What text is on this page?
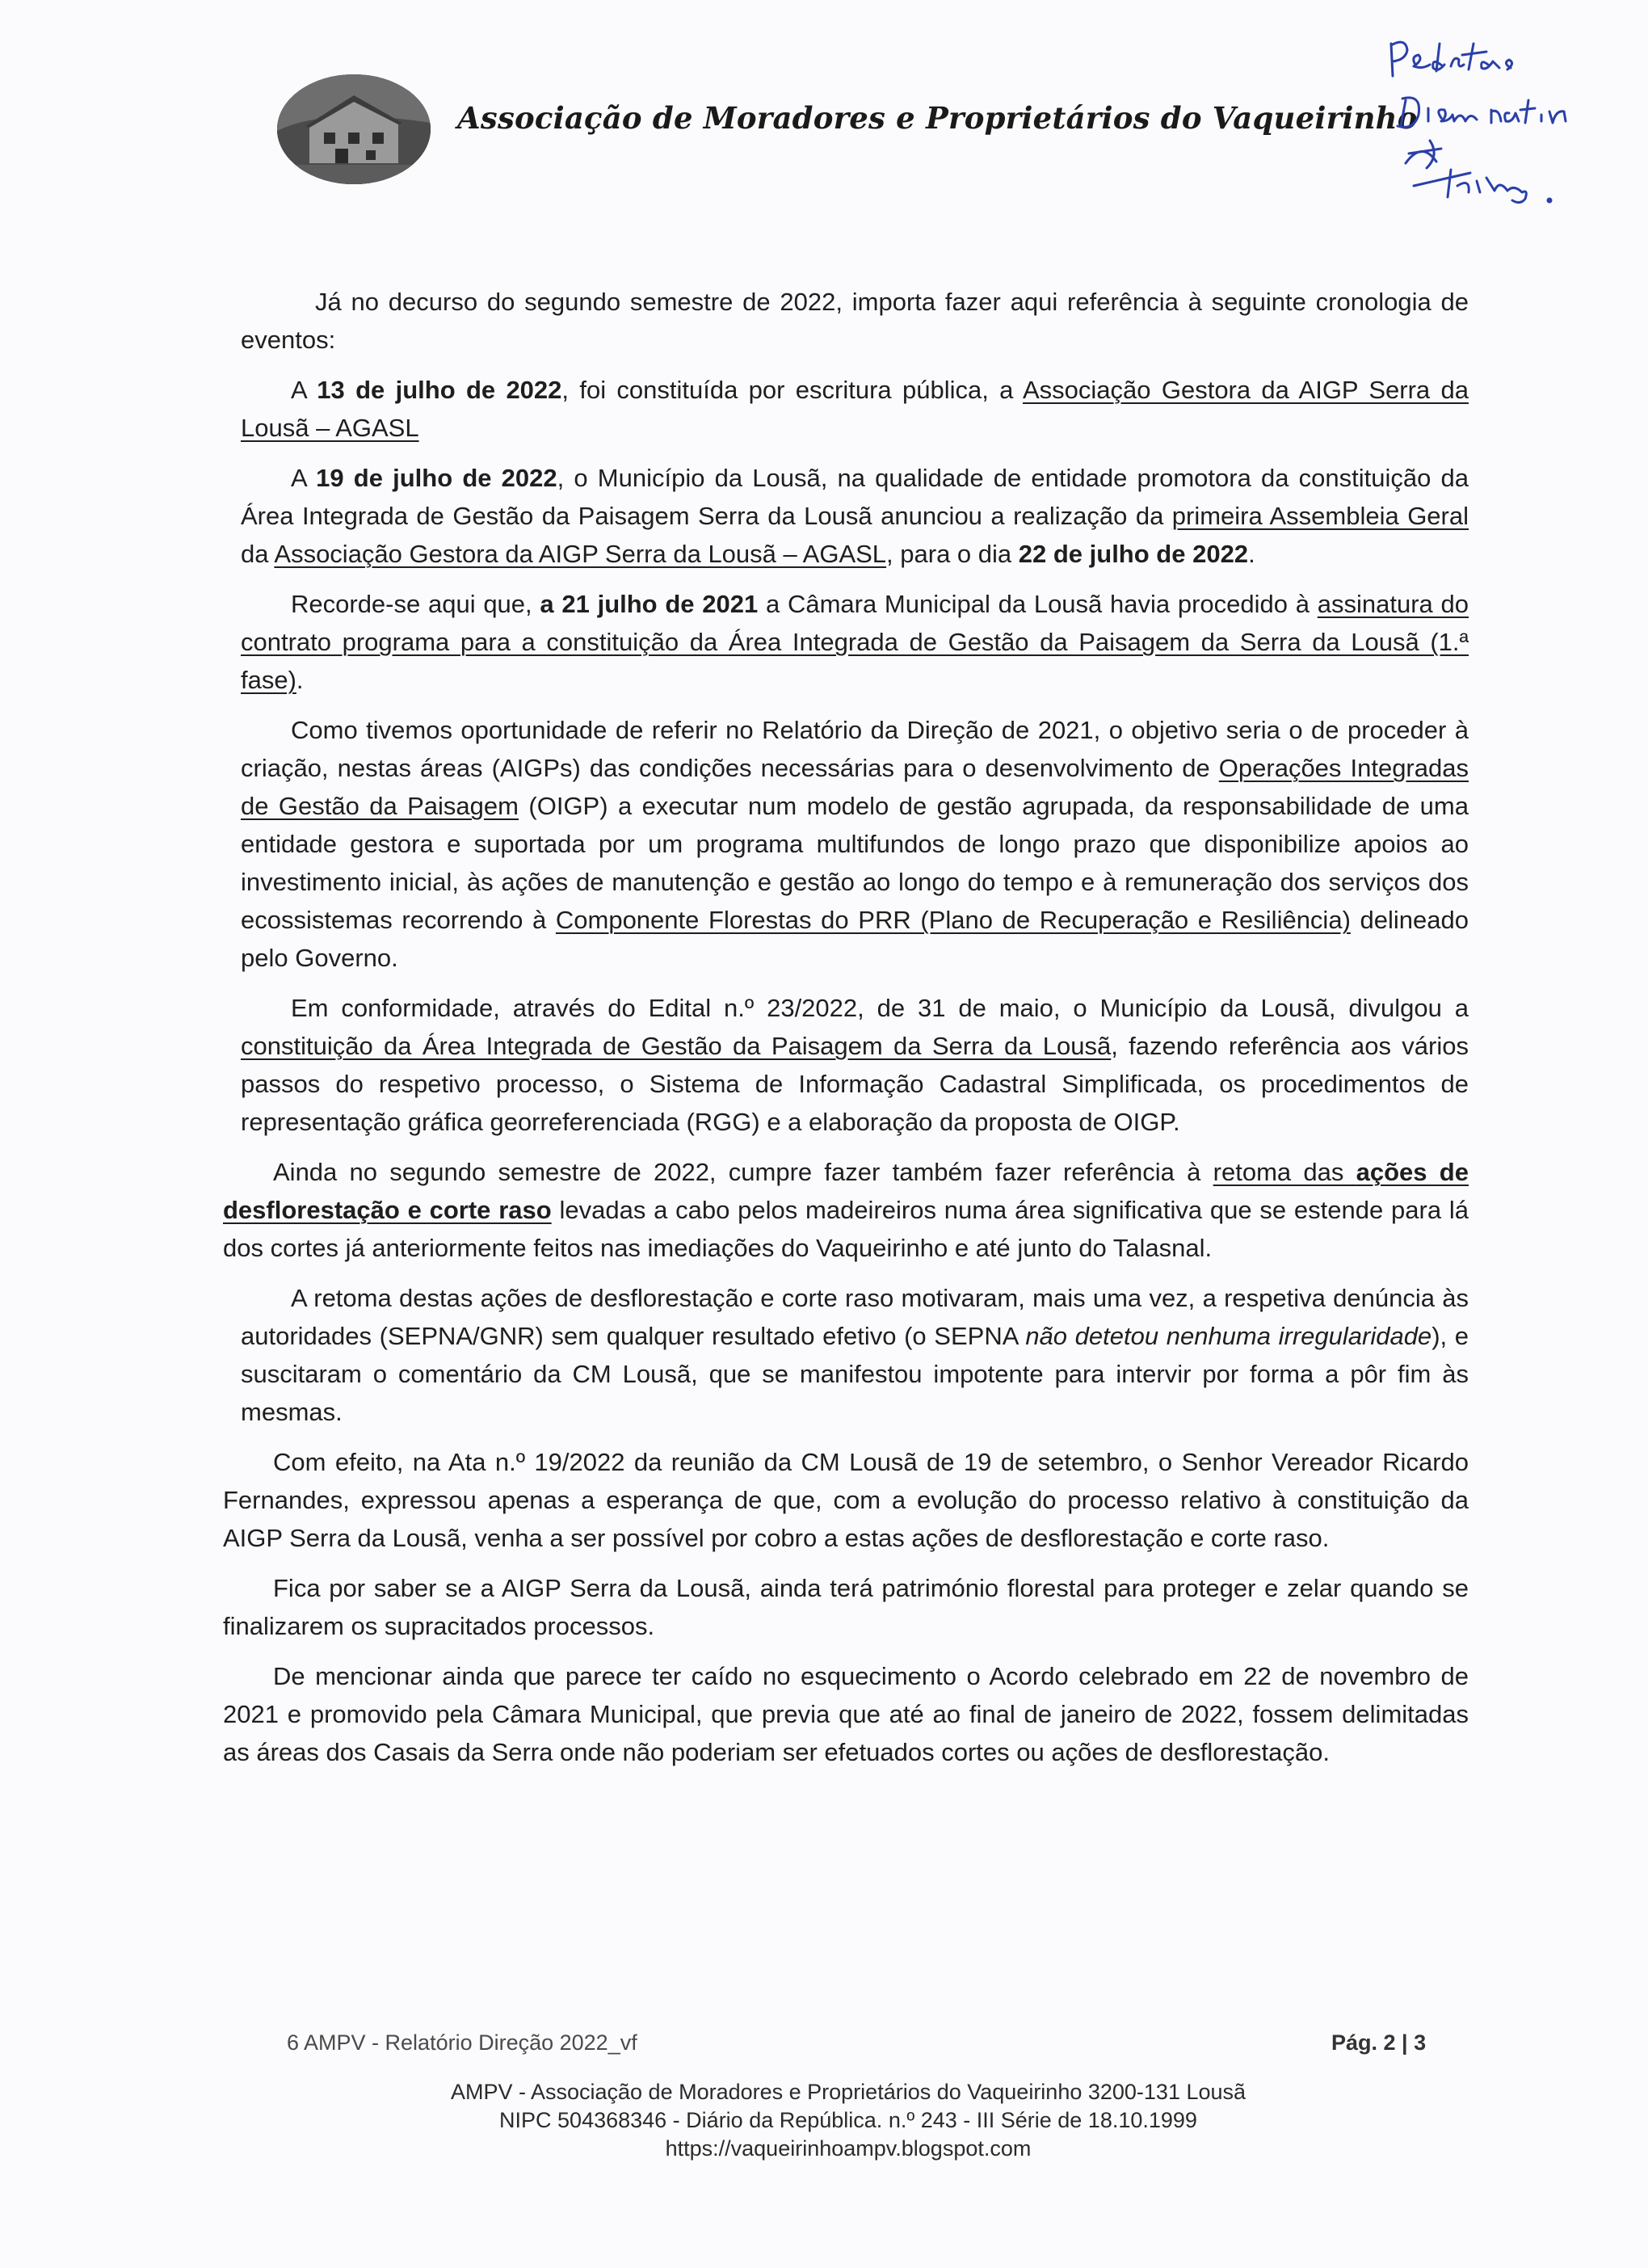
Associação de Moradores e Proprietários do Vaqueirinho

Já no decurso do segundo semestre de 2022, importa fazer aqui referência à seguinte cronologia de eventos:

A 13 de julho de 2022, foi constituída por escritura pública, a Associação Gestora da AIGP Serra da Lousã – AGASL

A 19 de julho de 2022, o Município da Lousã, na qualidade de entidade promotora da constituição da Área Integrada de Gestão da Paisagem Serra da Lousã anunciou a realização da primeira Assembleia Geral da Associação Gestora da AIGP Serra da Lousã – AGASL, para o dia 22 de julho de 2022.

Recorde-se aqui que, a 21 julho de 2021 a Câmara Municipal da Lousã havia procedido à assinatura do contrato programa para a constituição da Área Integrada de Gestão da Paisagem da Serra da Lousã (1.ª fase).

Como tivemos oportunidade de referir no Relatório da Direção de 2021, o objetivo seria o de proceder à criação, nestas áreas (AIGPs) das condições necessárias para o desenvolvimento de Operações Integradas de Gestão da Paisagem (OIGP) a executar num modelo de gestão agrupada, da responsabilidade de uma entidade gestora e suportada por um programa multifundos de longo prazo que disponibilize apoios ao investimento inicial, às ações de manutenção e gestão ao longo do tempo e à remuneração dos serviços dos ecossistemas recorrendo à Componente Florestas do PRR (Plano de Recuperação e Resiliência) delineado pelo Governo.

Em conformidade, através do Edital n.º 23/2022, de 31 de maio, o Município da Lousã, divulgou a constituição da Área Integrada de Gestão da Paisagem da Serra da Lousã, fazendo referência aos vários passos do respetivo processo, o Sistema de Informação Cadastral Simplificada, os procedimentos de representação gráfica georreferenciada (RGG) e a elaboração da proposta de OIGP.

Ainda no segundo semestre de 2022, cumpre fazer também fazer referência à retoma das ações de desflorestação e corte raso levadas a cabo pelos madeireiros numa área significativa que se estende para lá dos cortes já anteriormente feitos nas imediações do Vaqueirinho e até junto do Talasnal.

A retoma destas ações de desflorestação e corte raso motivaram, mais uma vez, a respetiva denúncia às autoridades (SEPNA/GNR) sem qualquer resultado efetivo (o SEPNA não detetou nenhuma irregularidade), e suscitaram o comentário da CM Lousã, que se manifestou impotente para intervir por forma a pôr fim às mesmas.

Com efeito, na Ata n.º 19/2022 da reunião da CM Lousã de 19 de setembro, o Senhor Vereador Ricardo Fernandes, expressou apenas a esperança de que, com a evolução do processo relativo à constituição da AIGP Serra da Lousã, venha a ser possível por cobro a estas ações de desflorestação e corte raso.

Fica por saber se a AIGP Serra da Lousã, ainda terá património florestal para proteger e zelar quando se finalizarem os supracitados processos.

De mencionar ainda que parece ter caído no esquecimento o Acordo celebrado em 22 de novembro de 2021 e promovido pela Câmara Municipal, que previa que até ao final de janeiro de 2022, fossem delimitadas as áreas dos Casais da Serra onde não poderiam ser efetuados cortes ou ações de desflorestação.

6 AMPV - Relatório Direção 2022_vf	Pág. 2 | 3
AMPV - Associação de Moradores e Proprietários do Vaqueirinho 3200-131 Lousã
NIPC 504368346 - Diário da República. n.º 243 - III Série de 18.10.1999
https://vaqueirinhoampv.blogspot.com
